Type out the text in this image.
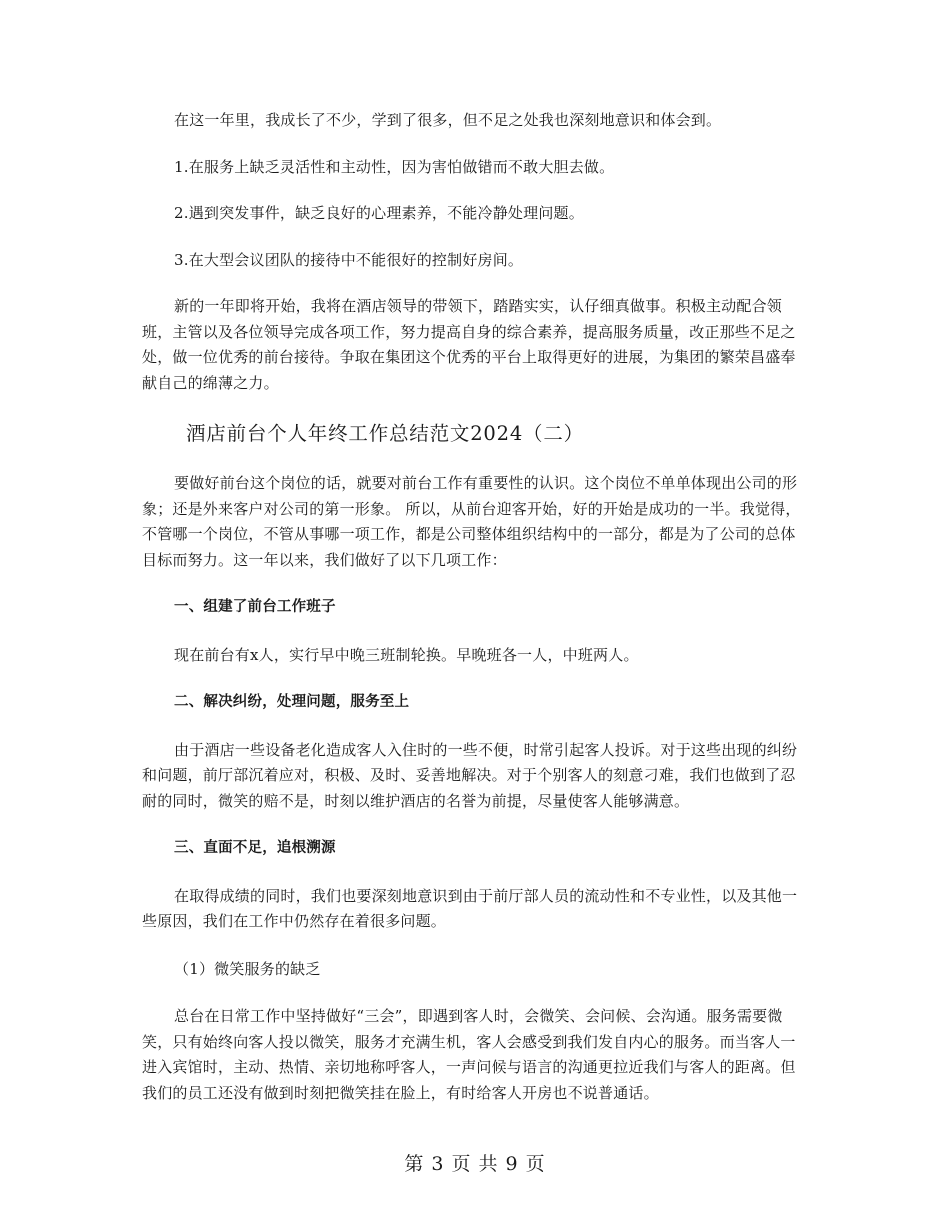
在这一年里，我成长了不少，学到了很多，但不足之处我也深刻地意识和体会到。

1.在服务上缺乏灵活性和主动性，因为害怕做错而不敢大胆去做。

2.遇到突发事件，缺乏良好的心理素养，不能冷静处理问题。

3.在大型会议团队的接待中不能很好的控制好房间。

新的一年即将开始，我将在酒店领导的带领下，踏踏实实，认仔细真做事。积极主动配合领班，主管以及各位领导完成各项工作，努力提高自身的综合素养，提高服务质量，改正那些不足之处，做一位优秀的前台接待。争取在集团这个优秀的平台上取得更好的进展，为集团的繁荣昌盛奉献自己的绵薄之力。

酒店前台个人年终工作总结范文2024（二）

要做好前台这个岗位的话，就要对前台工作有重要性的认识。这个岗位不单单体现出公司的形象；还是外来客户对公司的第一形象。 所以，从前台迎客开始，好的开始是成功的一半。我觉得，不管哪一个岗位，不管从事哪一项工作，都是公司整体组织结构中的一部分，都是为了公司的总体目标而努力。这一年以来，我们做好了以下几项工作：

一、组建了前台工作班子

现在前台有x人，实行早中晚三班制轮换。早晚班各一人，中班两人。

二、解决纠纷，处理问题，服务至上

由于酒店一些设备老化造成客人入住时的一些不便，时常引起客人投诉。对于这些出现的纠纷和问题，前厅部沉着应对，积极、及时、妥善地解决。对于个别客人的刻意刁难，我们也做到了忍耐的同时，微笑的赔不是，时刻以维护酒店的名誉为前提，尽量使客人能够满意。

三、直面不足，追根溯源

在取得成绩的同时，我们也要深刻地意识到由于前厅部人员的流动性和不专业性，以及其他一些原因，我们在工作中仍然存在着很多问题。

（1）微笑服务的缺乏

总台在日常工作中坚持做好“三会”，即遇到客人时，会微笑、会问候、会沟通。服务需要微笑，只有始终向客人投以微笑，服务才充满生机，客人会感受到我们发自内心的服务。而当客人一进入宾馆时，主动、热情、亲切地称呼客人，一声问候与语言的沟通更拉近我们与客人的距离。但我们的员工还没有做到时刻把微笑挂在脸上，有时给客人开房也不说普通话。

第 3 页 共 9 页
